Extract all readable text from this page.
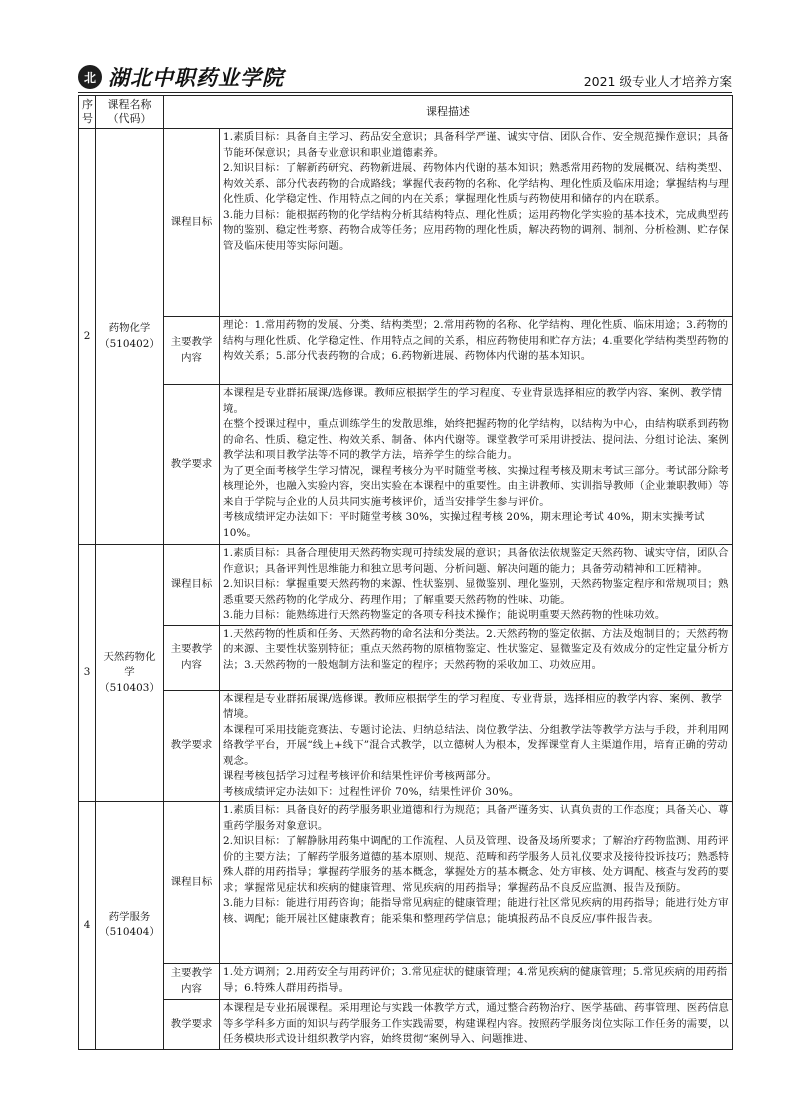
北 湖北中职药业学院	2021 级专业人才培养方案
序号	课程名称（代码）	课程描述	
2	药物化学（510402）	课程目标	1.素质目标：具备自主学习、药品安全意识；具备科学严谨、诚实守信、团队合作、安全规范操作意识；具备节能环保意识；具备专业意识和职业道德素养。
2.知识目标：了解新药研究、药物新进展、药物体内代谢的基本知识；熟悉常用药物的发展概况、结构类型、构效关系、部分代表药物的合成路线；掌握代表药物的名称、化学结构、理化性质及临床用途；掌握结构与理化性质、化学稳定性、作用特点之间的内在关系；掌握理化性质与药物使用和储存的内在联系。
3.能力目标：能根据药物的化学结构分析其结构特点、理化性质；运用药物化学实验的基本技术，完成典型药物的鉴别、稳定性考察、药物合成等任务；应用药物的理化性质，解决药物的调剂、制剂、分析检测、贮存保管及临床使用等实际问题。

		主要教学内容	理论：1.常用药物的发展、分类、结构类型；2.常用药物的名称、化学结构、理化性质、临床用途；3.药物的结构与理化性质、化学稳定性、作用特点之间的关系，相应药物使用和贮存方法；4.重要化学结构类型药物的构效关系；5.部分代表药物的合成；6.药物新进展、药物体内代谢的基本知识。

		教学要求	本课程是专业群拓展课/选修课。教师应根据学生的学习程度、专业背景选择相应的教学内容、案例、教学情境。
在整个授课过程中，重点训练学生的发散思维，始终把握药物的化学结构，以结构为中心，由结构联系到药物的命名、性质、稳定性、构效关系、制备、体内代谢等。课堂教学可采用讲授法、提问法、分组讨论法、案例教学法和项目教学法等不同的教学方法，培养学生的综合能力。
为了更全面考核学生学习情况，课程考核分为平时随堂考核、实操过程考核及期末考试三部分。考试部分除考核理论外，也融入实验内容，突出实验在本课程中的重要性。由主讲教师、实训指导教师（企业兼职教师）等来自于学院与企业的人员共同实施考核评价，适当安排学生参与评价。
考核成绩评定办法如下：平时随堂考核 30%，实操过程考核 20%，期末理论考试 40%，期末实操考试 10%。

3	天然药物化学（510403）	课程目标	1.素质目标：具备合理使用天然药物实现可持续发展的意识；具备依法依规鉴定天然药物、诚实守信，团队合作意识；具备评判性思维能力和独立思考问题、分析问题、解决问题的能力；具备劳动精神和工匠精神。
2.知识目标：掌握重要天然药物的来源、性状鉴别、显微鉴别、理化鉴别，天然药物鉴定程序和常规项目；熟悉重要天然药物的化学成分、药理作用；了解重要天然药物的性味、功能。
3.能力目标：能熟练进行天然药物鉴定的各项专科技术操作；能说明重要天然药物的性味功效。

		主要教学内容	1.天然药物的性质和任务、天然药物的命名法和分类法。2.天然药物的鉴定依据、方法及炮制目的；天然药物的来源、主要性状鉴别特征；重点天然药物的原植物鉴定、性状鉴定、显微鉴定及有效成分的定性定量分析方法；3.天然药物的一般炮制方法和鉴定的程序；天然药物的采收加工、功效应用。

		教学要求	本课程是专业群拓展课/选修课。教师应根据学生的学习程度、专业背景，选择相应的教学内容、案例、教学情境。
本课程可采用技能竞赛法、专题讨论法、归纳总结法、岗位教学法、分组教学法等教学方法与手段，并利用网络教学平台，开展“线上+线下”混合式教学，以立德树人为根本，发挥课堂育人主渠道作用，培育正确的劳动观念。
课程考核包括学习过程考核评价和结果性评价考核两部分。
考核成绩评定办法如下：过程性评价 70%，结果性评价 30%。

4	药学服务（510404）	课程目标	1.素质目标：具备良好的药学服务职业道德和行为规范；具备严谨务实、认真负责的工作态度；具备关心、尊重药学服务对象意识。
2.知识目标：了解静脉用药集中调配的工作流程、人员及管理、设备及场所要求；了解治疗药物监测、用药评价的主要方法；了解药学服务道德的基本原则、规范、范畴和药学服务人员礼仪要求及接待投诉技巧；熟悉特殊人群的用药指导；掌握药学服务的基本概念，掌握处方的基本概念、处方审核、处方调配、核查与发药的要求；掌握常见症状和疾病的健康管理、常见疾病的用药指导；掌握药品不良反应监测、报告及预防。
3.能力目标：能进行用药咨询；能指导常见病症的健康管理；能进行社区常见疾病的用药指导；能进行处方审核、调配；能开展社区健康教育；能采集和整理药学信息；能填报药品不良反应/事件报告表。

		主要教学内容	1.处方调剂；2.用药安全与用药评价；3.常见症状的健康管理；4.常见疾病的健康管理；5.常见疾病的用药指导；6.特殊人群用药指导。

		教学要求	本课程是专业拓展课程。采用理论与实践一体教学方式，通过整合药物治疗、医学基础、药事管理、医药信息等多学科多方面的知识与药学服务工作实践需要，构建课程内容。按照药学服务岗位实际工作任务的需要，以任务模块形式设计组织教学内容，始终贯彻“案例导入、问题推进、
